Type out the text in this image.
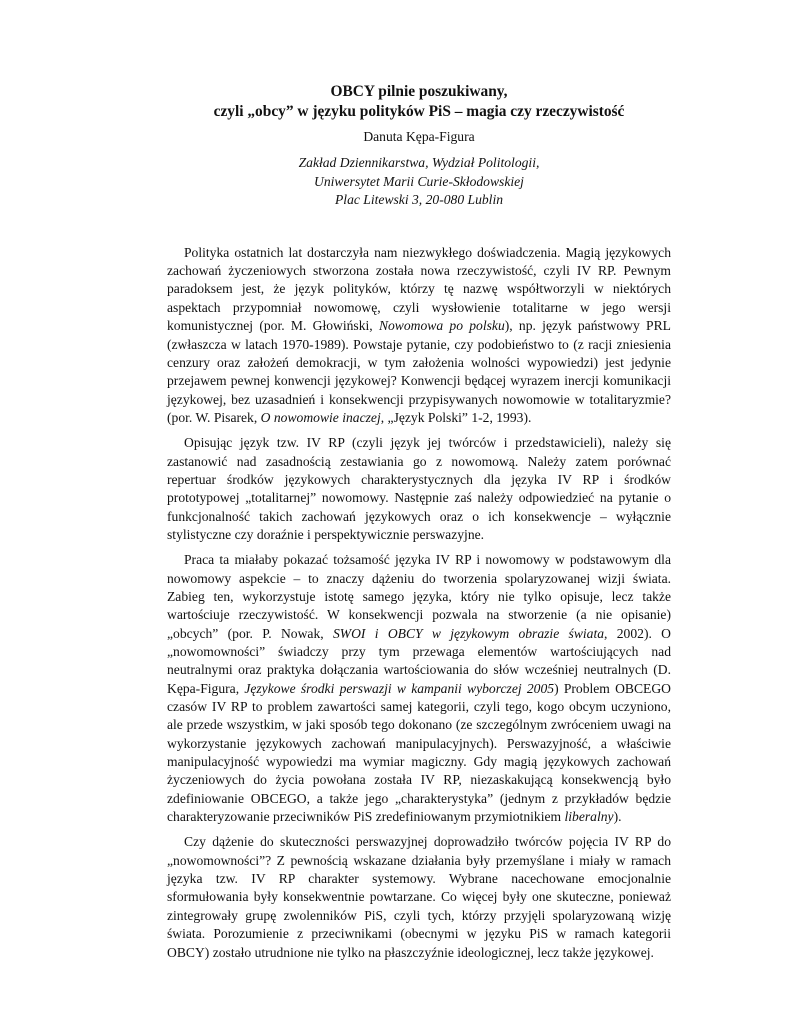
OBCY pilnie poszukiwany,
czyli „obcy” w języku polityków PiS – magia czy rzeczywistość

Danuta Kępa-Figura
Zakład Dziennikarstwa, Wydział Politologii,
Uniwersytet Marii Curie-Skłodowskiej
Plac Litewski 3, 20-080 Lublin
Polityka ostatnich lat dostarczyła nam niezwykłego doświadczenia. Magią językowych
zachowań życzeniowych stworzona została nowa rzeczywistość, czyli IV RP. Pewnym
paradoksem jest, że język polityków, którzy tę nazwę współtworzyli w niektórych
aspektach przypomniał nowomowę, czyli wysłowienie totalitarne w jego wersji
komunistycznej (por. M. Głowiński, Nowomowa po polsku), np. język państwowy PRL
(zwłaszcza w latach 1970-1989). Powstaje pytanie, czy podobieństwo to (z racji zniesienia
cenzury oraz założeń demokracji, w tym założenia wolności wypowiedzi) jest jedynie
przejawem pewnej konwencji językowej? Konwencji będącej wyrazem inercji komunikacji
językowej, bez uzasadnień i konsekwencji przypisywanych nowomowie w totalitaryzmie?
(por. W. Pisarek, O nowomowie inaczej, „Język Polski” 1-2, 1993).
Opisując język tzw. IV RP (czyli język jej twórców i przedstawicieli), należy się
zastanowić nad zasadnością zestawiania go z nowomową. Należy zatem porównać
repertuar środków językowych charakterystycznych dla języka IV RP i środków
prototypowej „totalitarnej” nowomowy. Następnie zaś należy odpowiedzieć na pytanie o
funkcjonalność takich zachowań językowych oraz o ich konsekwencje – wyłącznie
stylistyczne czy doraźnie i perspektywicznie perswazyjne.
Praca ta miałaby pokazać tożsamość języka IV RP i nowomowy w podstawowym dla
nowomowy aspekcie – to znaczy dążeniu do tworzenia spolaryzowanej wizji świata.
Zabieg ten, wykorzystuje istotę samego języka, który nie tylko opisuje, lecz także
wartościuje rzeczywistość. W konsekwencji pozwala na stworzenie (a nie opisanie)
„obcych” (por. P. Nowak, SWOI i OBCY w językowym obrazie świata, 2002). O
„nowomowności” świadczy przy tym przewaga elementów wartościujących nad
neutralnymi oraz praktyka dołączania wartościowania do słów wcześniej neutralnych (D.
Kępa-Figura, Językowe środki perswazji w kampanii wyborczej 2005) Problem OBCEGO
czasów IV RP to problem zawartości samej kategorii, czyli tego, kogo obcym uczyniono,
ale przede wszystkim, w jaki sposób tego dokonano (ze szczególnym zwróceniem uwagi na
wykorzystanie językowych zachowań manipulacyjnych). Perswazyjność, a właściwie
manipulacyjność wypowiedzi ma wymiar magiczny. Gdy magią językowych zachowań
życzeniowych do życia powołana została IV RP, niezaskakującą konsekwencją było
zdefiniowanie OBCEGO, a także jego „charakterystyka” (jednym z przykładów będzie
charakteryzowanie przeciwników PiS zredefiniowanym przymiotnikiem liberalny).
Czy dążenie do skuteczności perswazyjnej doprowadziło twórców pojęcia IV RP do
„nowomowności”? Z pewnością wskazane działania były przemyślane i miały w ramach
języka tzw. IV RP charakter systemowy. Wybrane nacechowane emocjonalnie
sformułowania były konsekwentnie powtarzane. Co więcej były one skuteczne, ponieważ
zintegrowały grupę zwolenników PiS, czyli tych, którzy przyjęli spolaryzowaną wizję
świata. Porozumienie z przeciwnikami (obecnymi w języku PiS w ramach kategorii
OBCY) zostało utrudnione nie tylko na płaszczyźnie ideologicznej, lecz także językowej.
